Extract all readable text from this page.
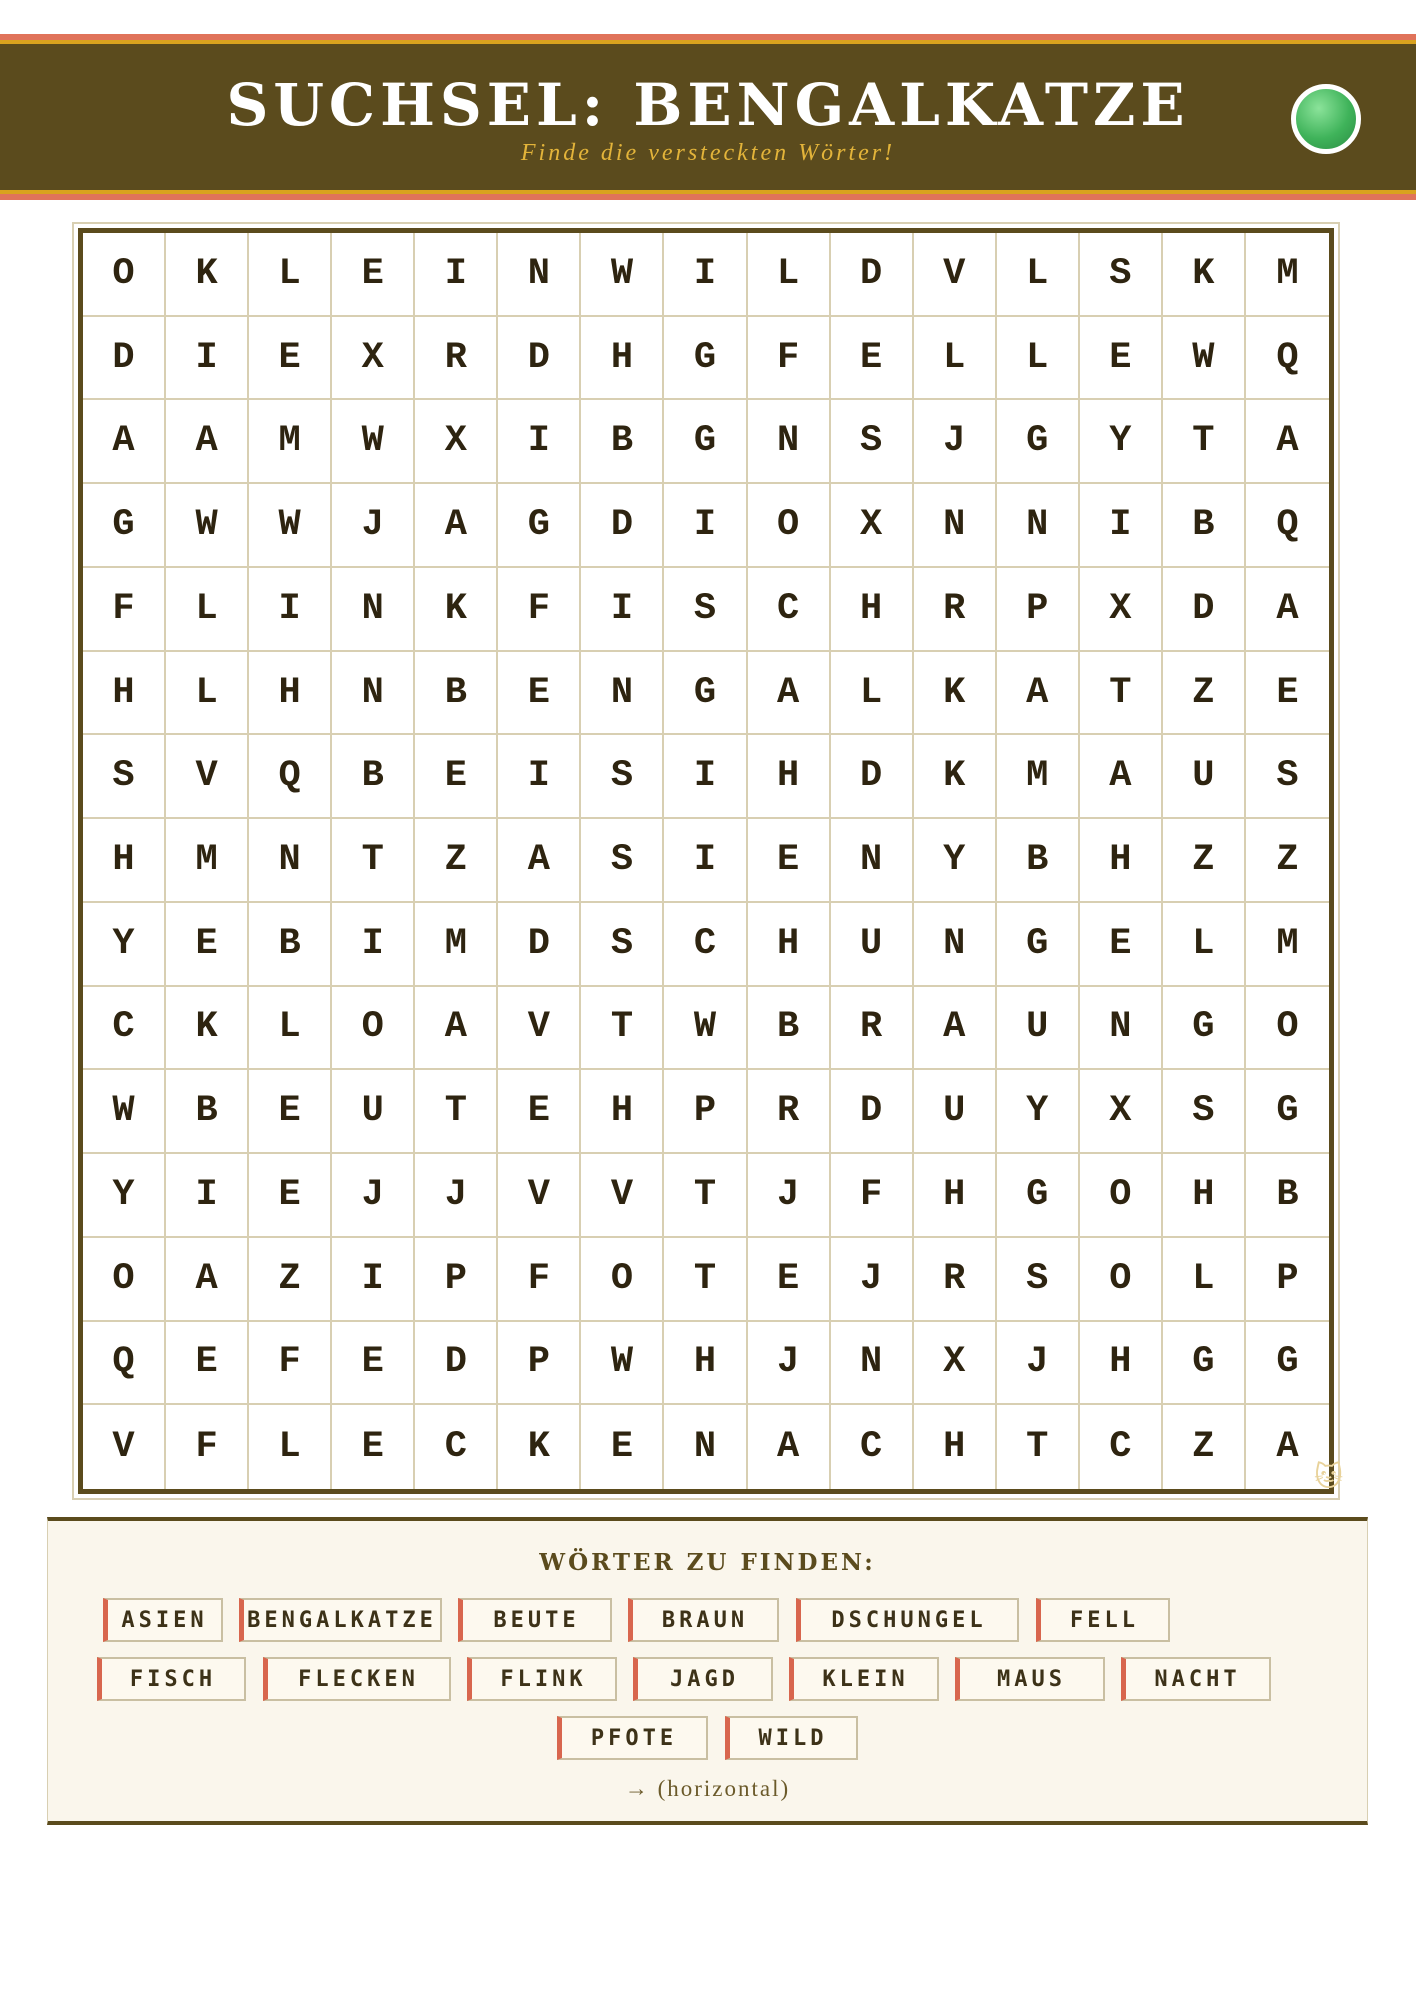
SUCHSEL: BENGALKATZE
Finde die versteckten Wörter!
O	K	L	E	I	N	W	I	L	D	V	L	S	K	M
D	I	E	X	R	D	H	G	F	E	L	L	E	W	Q
A	A	M	W	X	I	B	G	N	S	J	G	Y	T	A
G	W	W	J	A	G	D	I	O	X	N	N	I	B	Q
F	L	I	N	K	F	I	S	C	H	R	P	X	D	A
H	L	H	N	B	E	N	G	A	L	K	A	T	Z	E
S	V	Q	B	E	I	S	I	H	D	K	M	A	U	S
H	M	N	T	Z	A	S	I	E	N	Y	B	H	Z	Z
Y	E	B	I	M	D	S	C	H	U	N	G	E	L	M
C	K	L	O	A	V	T	W	B	R	A	U	N	G	O
W	B	E	U	T	E	H	P	R	D	U	Y	X	S	G
Y	I	E	J	J	V	V	T	J	F	H	G	O	H	B
O	A	Z	I	P	F	O	T	E	J	R	S	O	L	P
Q	E	F	E	D	P	W	H	J	N	X	J	H	G	G
V	F	L	E	C	K	E	N	A	C	H	T	C	Z	A
🐱
WÖRTER ZU FINDEN:
ASIEN	BENGALKATZE	BEUTE	BRAUN	DSCHUNGEL	FELL
FISCH	FLECKEN	FLINK	JAGD	KLEIN	MAUS	NACHT
PFOTE	WILD
→ (horizontal)
